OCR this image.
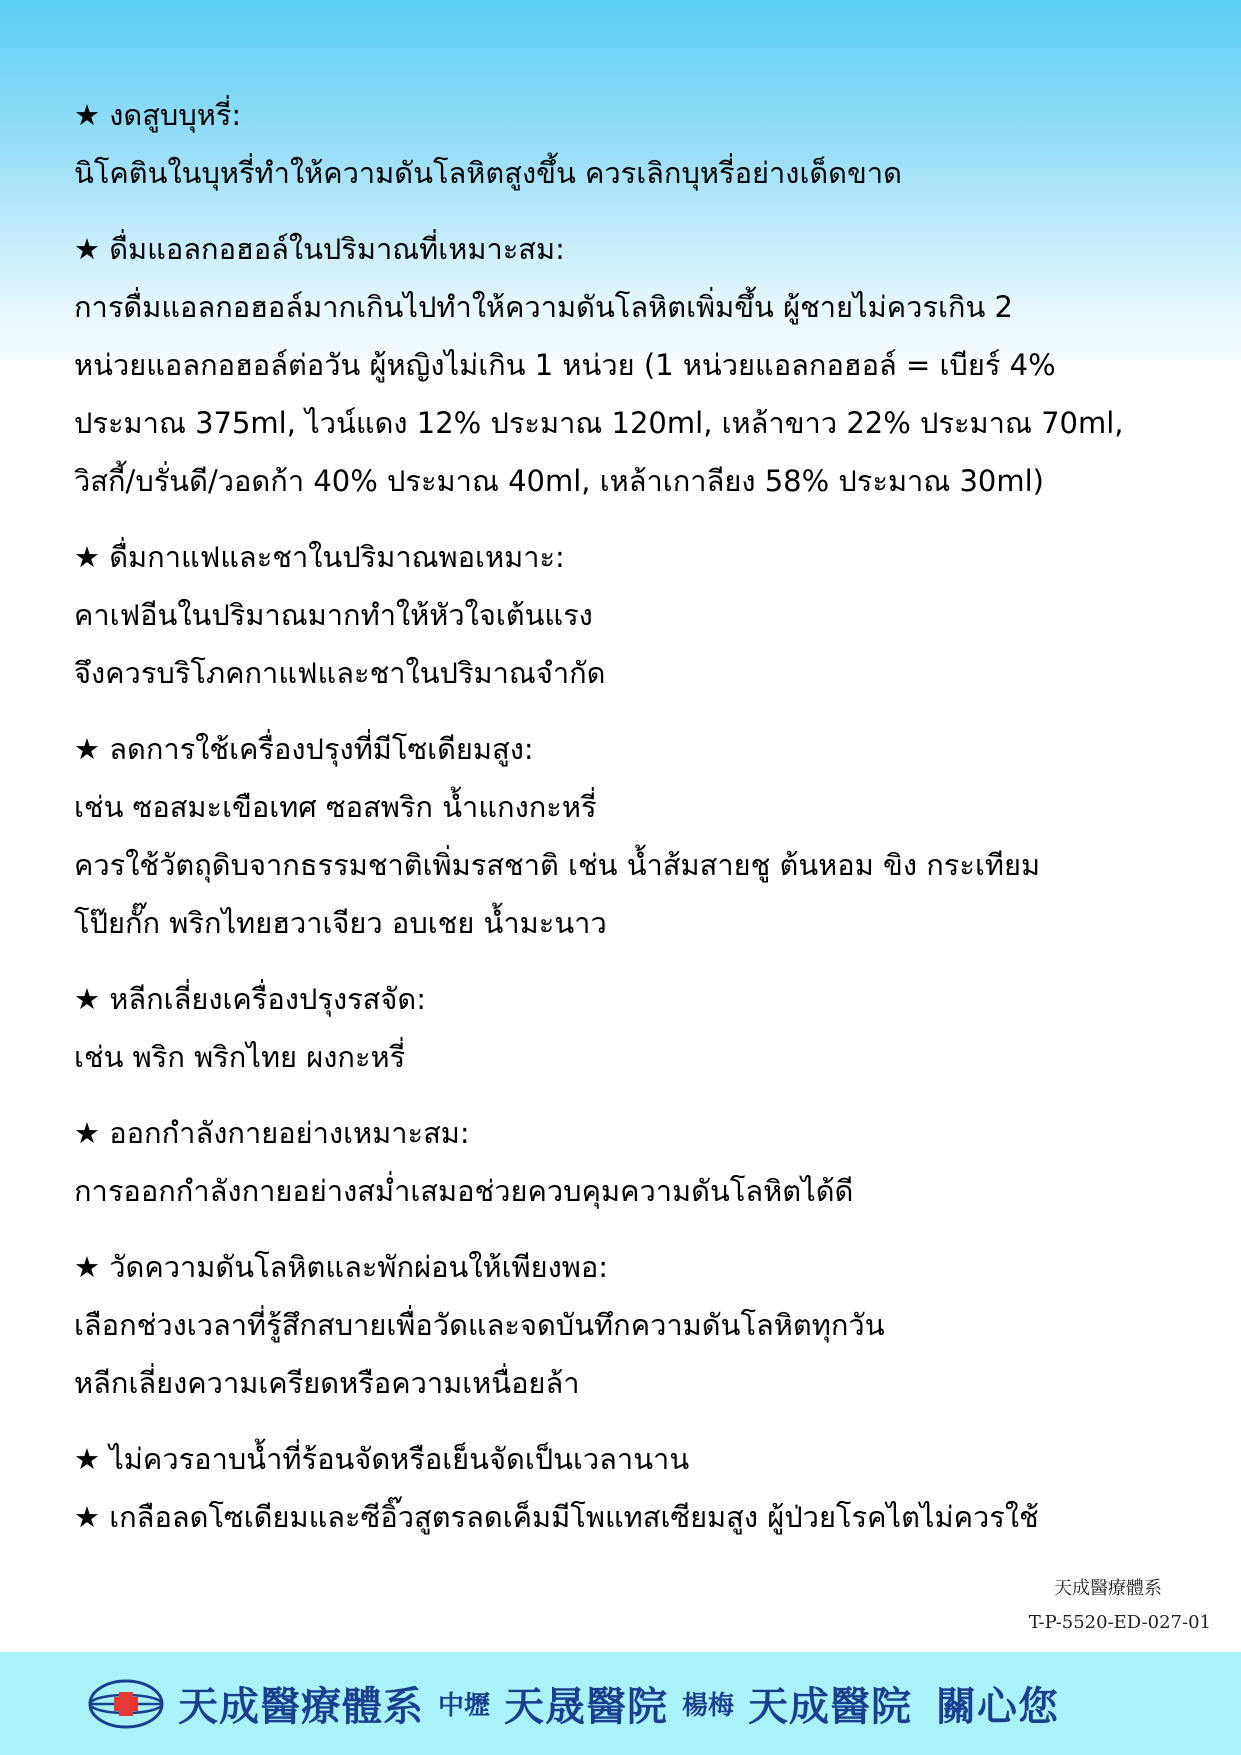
★ งดสูบบุหรี่:
นิโคตินในบุหรี่ทำให้ความดันโลหิตสูงขึ้น ควรเลิกบุหรี่อย่างเด็ดขาด
★ ดื่มแอลกอฮอล์ในปริมาณที่เหมาะสม:
การดื่มแอลกอฮอล์มากเกินไปทำให้ความดันโลหิตเพิ่มขึ้น ผู้ชายไม่ควรเกิน 2
หน่วยแอลกอฮอล์ต่อวัน ผู้หญิงไม่เกิน 1 หน่วย (1 หน่วยแอลกอฮอล์ = เบียร์ 4%
ประมาณ 375ml, ไวน์แดง 12% ประมาณ 120ml, เหล้าขาว 22% ประมาณ 70ml,
วิสกี้/บรั่นดี/วอดก้า 40% ประมาณ 40ml, เหล้าเกาลียง 58% ประมาณ 30ml)
★ ดื่มกาแฟและชาในปริมาณพอเหมาะ:
คาเฟอีนในปริมาณมากทำให้หัวใจเต้นแรง
จึงควรบริโภคกาแฟและชาในปริมาณจำกัด
★ ลดการใช้เครื่องปรุงที่มีโซเดียมสูง:
เช่น ซอสมะเขือเทศ ซอสพริก น้ำแกงกะหรี่
ควรใช้วัตถุดิบจากธรรมชาติเพิ่มรสชาติ เช่น น้ำส้มสายชู ต้นหอม ขิง กระเทียม
โป๊ยกั๊ก พริกไทยฮวาเจียว อบเชย น้ำมะนาว
★ หลีกเลี่ยงเครื่องปรุงรสจัด:
เช่น พริก พริกไทย ผงกะหรี่
★ ออกกำลังกายอย่างเหมาะสม:
การออกกำลังกายอย่างสม่ำเสมอช่วยควบคุมความดันโลหิตได้ดี
★ วัดความดันโลหิตและพักผ่อนให้เพียงพอ:
เลือกช่วงเวลาที่รู้สึกสบายเพื่อวัดและจดบันทึกความดันโลหิตทุกวัน
หลีกเลี่ยงความเครียดหรือความเหนื่อยล้า
★ ไม่ควรอาบน้ำที่ร้อนจัดหรือเย็นจัดเป็นเวลานาน
★ เกลือลดโซเดียมและซีอิ๊วสูตรลดเค็มมีโพแทสเซียมสูง ผู้ป่วยโรคไตไม่ควรใช้
天成醫療體系
T-P-5520-ED-027-01
天成醫療體系 中壢 天晟醫院 楊梅 天成醫院 關心您
